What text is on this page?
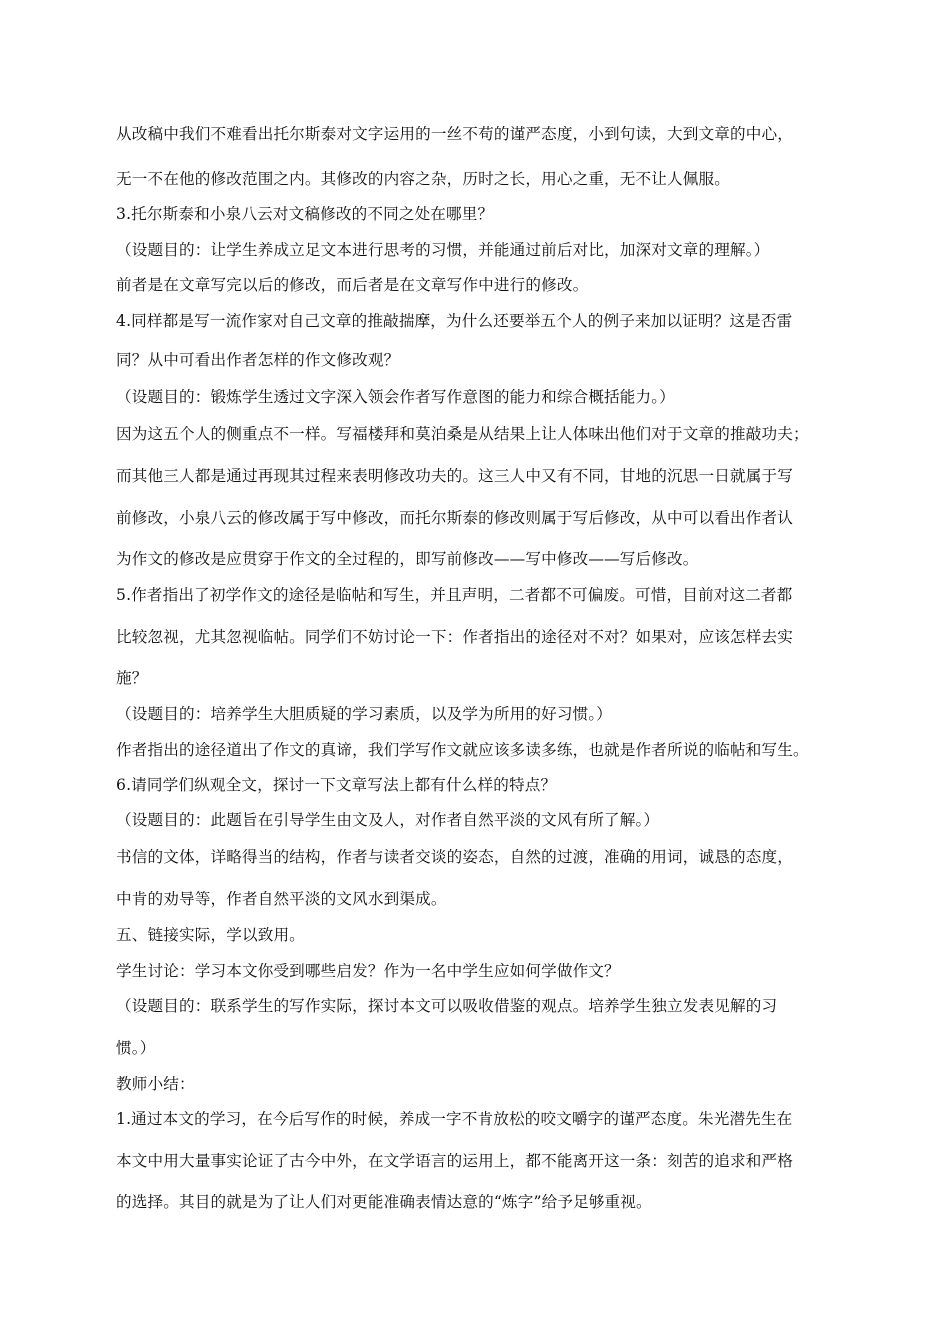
从改稿中我们不难看出托尔斯泰对文字运用的一丝不苟的谨严态度，小到句读，大到文章的中心，
无一不在他的修改范围之内。其修改的内容之杂，历时之长，用心之重，无不让人佩服。
3.托尔斯泰和小泉八云对文稿修改的不同之处在哪里？
（设题目的：让学生养成立足文本进行思考的习惯，并能通过前后对比，加深对文章的理解。）
前者是在文章写完以后的修改，而后者是在文章写作中进行的修改。
4.同样都是写一流作家对自己文章的推敲揣摩，为什么还要举五个人的例子来加以证明？这是否雷
同？从中可看出作者怎样的作文修改观？
（设题目的：锻炼学生透过文字深入领会作者写作意图的能力和综合概括能力。）
因为这五个人的侧重点不一样。写福楼拜和莫泊桑是从结果上让人体味出他们对于文章的推敲功夫；
而其他三人都是通过再现其过程来表明修改功夫的。这三人中又有不同，甘地的沉思一日就属于写
前修改，小泉八云的修改属于写中修改，而托尔斯泰的修改则属于写后修改，从中可以看出作者认
为作文的修改是应贯穿于作文的全过程的，即写前修改——写中修改——写后修改。
5.作者指出了初学作文的途径是临帖和写生，并且声明，二者都不可偏废。可惜，目前对这二者都
比较忽视，尤其忽视临帖。同学们不妨讨论一下：作者指出的途径对不对？如果对，应该怎样去实
施？
（设题目的：培养学生大胆质疑的学习素质，以及学为所用的好习惯。）
作者指出的途径道出了作文的真谛，我们学写作文就应该多读多练，也就是作者所说的临帖和写生。
6.请同学们纵观全文，探讨一下文章写法上都有什么样的特点？
（设题目的：此题旨在引导学生由文及人，对作者自然平淡的文风有所了解。）
书信的文体，详略得当的结构，作者与读者交谈的姿态，自然的过渡，准确的用词，诚恳的态度，
中肯的劝导等，作者自然平淡的文风水到渠成。
五、链接实际，学以致用。
学生讨论：学习本文你受到哪些启发？作为一名中学生应如何学做作文？
（设题目的：联系学生的写作实际，探讨本文可以吸收借鉴的观点。培养学生独立发表见解的习
惯。）
教师小结：
1.通过本文的学习，在今后写作的时候，养成一字不肯放松的咬文嚼字的谨严态度。朱光潜先生在
本文中用大量事实论证了古今中外，在文学语言的运用上，都不能离开这一条：刻苦的追求和严格
的选择。其目的就是为了让人们对更能准确表情达意的“炼字”给予足够重视。
